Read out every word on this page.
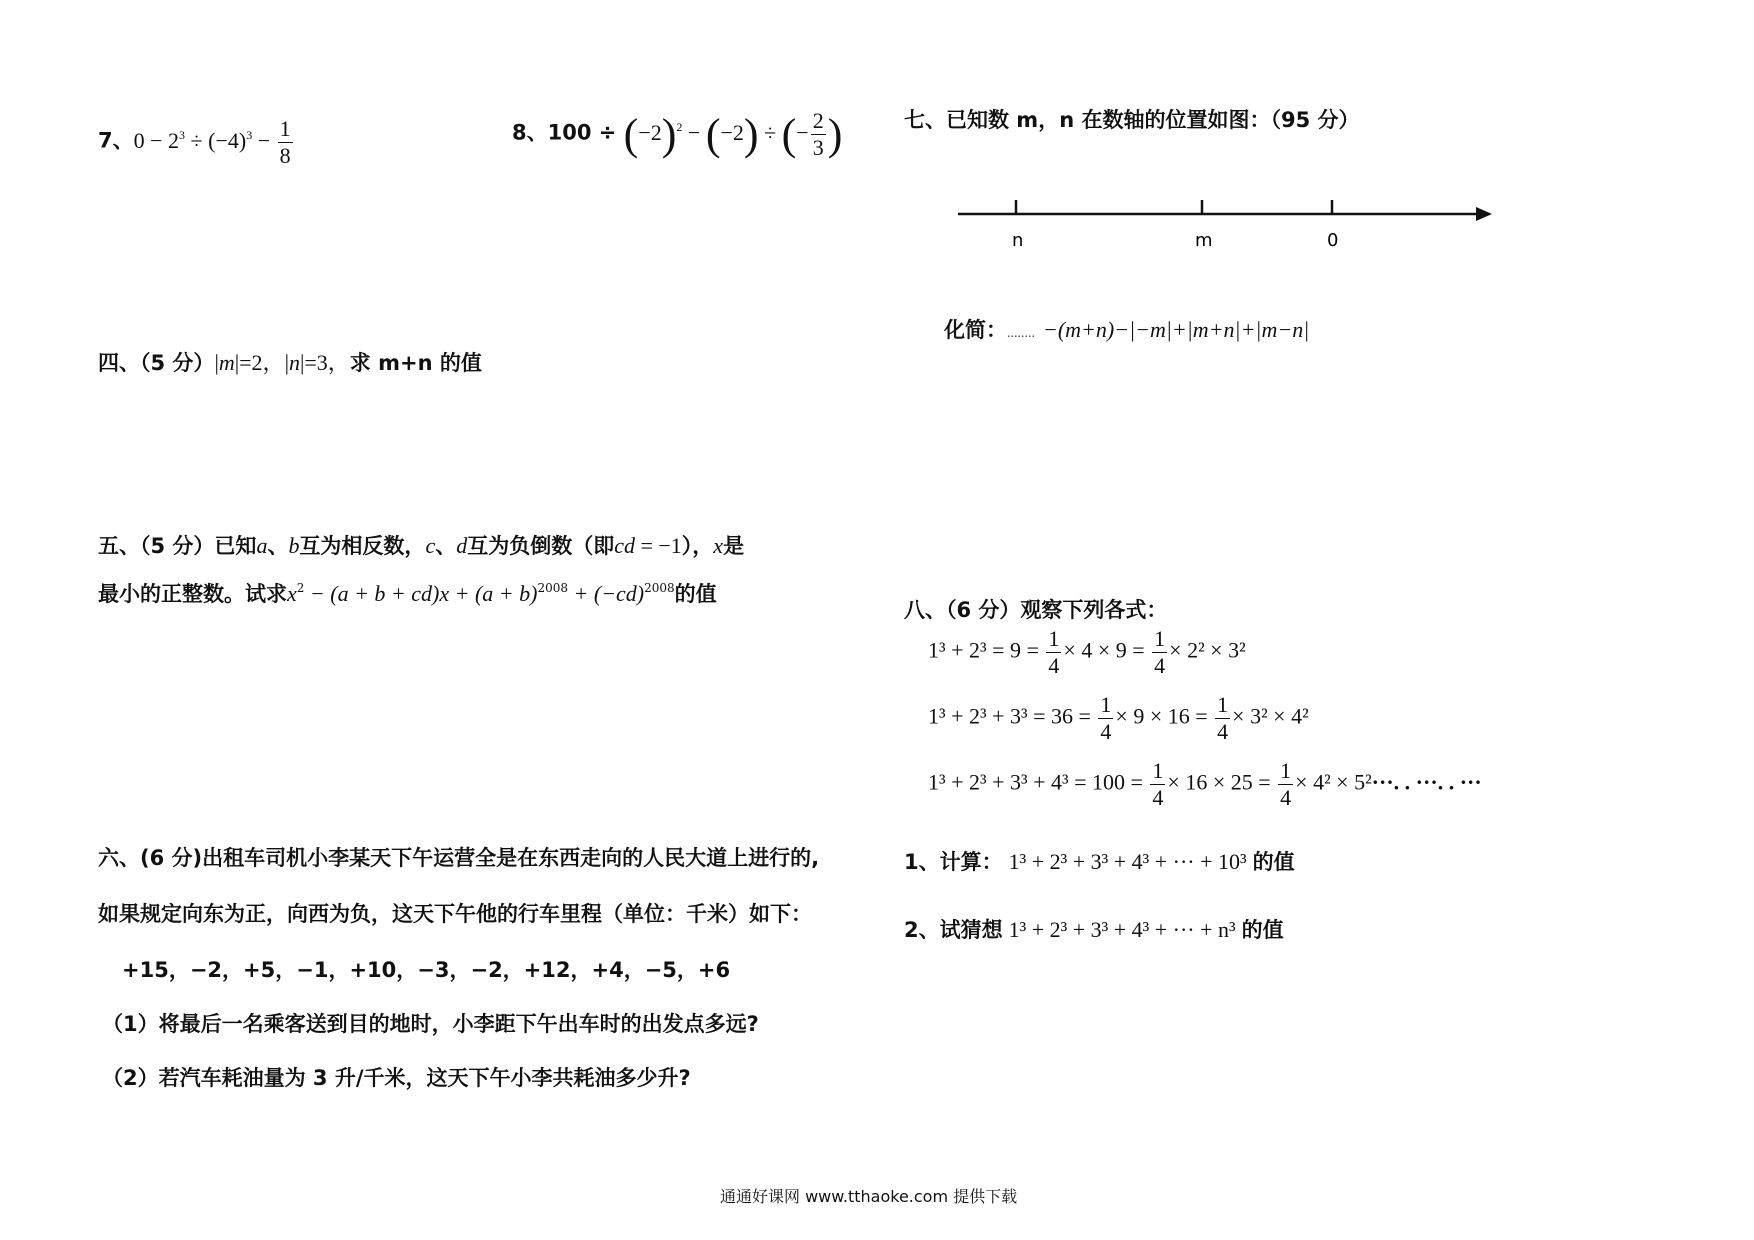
7、$0 - 2^3 \div (-4)^3 - \frac{1}{8}$	8、$100 \div (-2)^2 - (-2)$ ÷ (− $\frac{2}{3}$ )
四、（5 分）|m|=2，|n|=3，求 m+n 的值
五、（5 分）已知a、b互为相反数，c、d互为负倒数（即cd = −1），x是
最小的正整数。试求$x^2 - (a + b + cd)x + (a + b)^{2008} + (-cd)^{2008}$的值
六、(6 分)出租车司机小李某天下午运营全是在东西走向的人民大道上进行的,
如果规定向东为正，向西为负，这天下午他的行车里程（单位：千米）如下：
+15，−2，+5，−1，+10，−3，−2，+12，+4，−5，+6
（1）将最后一名乘客送到目的地时，小李距下午出车时的出发点多远?
（2）若汽车耗油量为 3 升/千米，这天下午小李共耗油多少升?
七、已知数 m，n 在数轴的位置如图：（95 分）
n	m	0
化简：........ −(m+n)−|−m|+|m+n|+|m−n|
八、（6 分）观察下列各式：
$1^3 + 2^3 = 9 = \frac{1}{4} \times 4 \times 9 = \frac{1}{4} \times 2^2 \times 3^2$
$1^3 + 2^3 + 3^3 = 36 = \frac{1}{4} \times 9 \times 16 = \frac{1}{4} \times 3^2 \times 4^2$
$1^3 + 2^3 + 3^3 + 4^3 = 100 = \frac{1}{4} \times 16 \times 25 = \frac{1}{4} \times 4^2 \times 5^2\cdot\cdot\cdot$. . ···. . ···
1、计算： 1³ + 2³ + 3³ + 4³ + ··· + 10³ 的值
2、试猜想 1³ + 2³ + 3³ + 4³ + ··· + n³ 的值
通通好课网 www.tthaoke.com 提供下载
